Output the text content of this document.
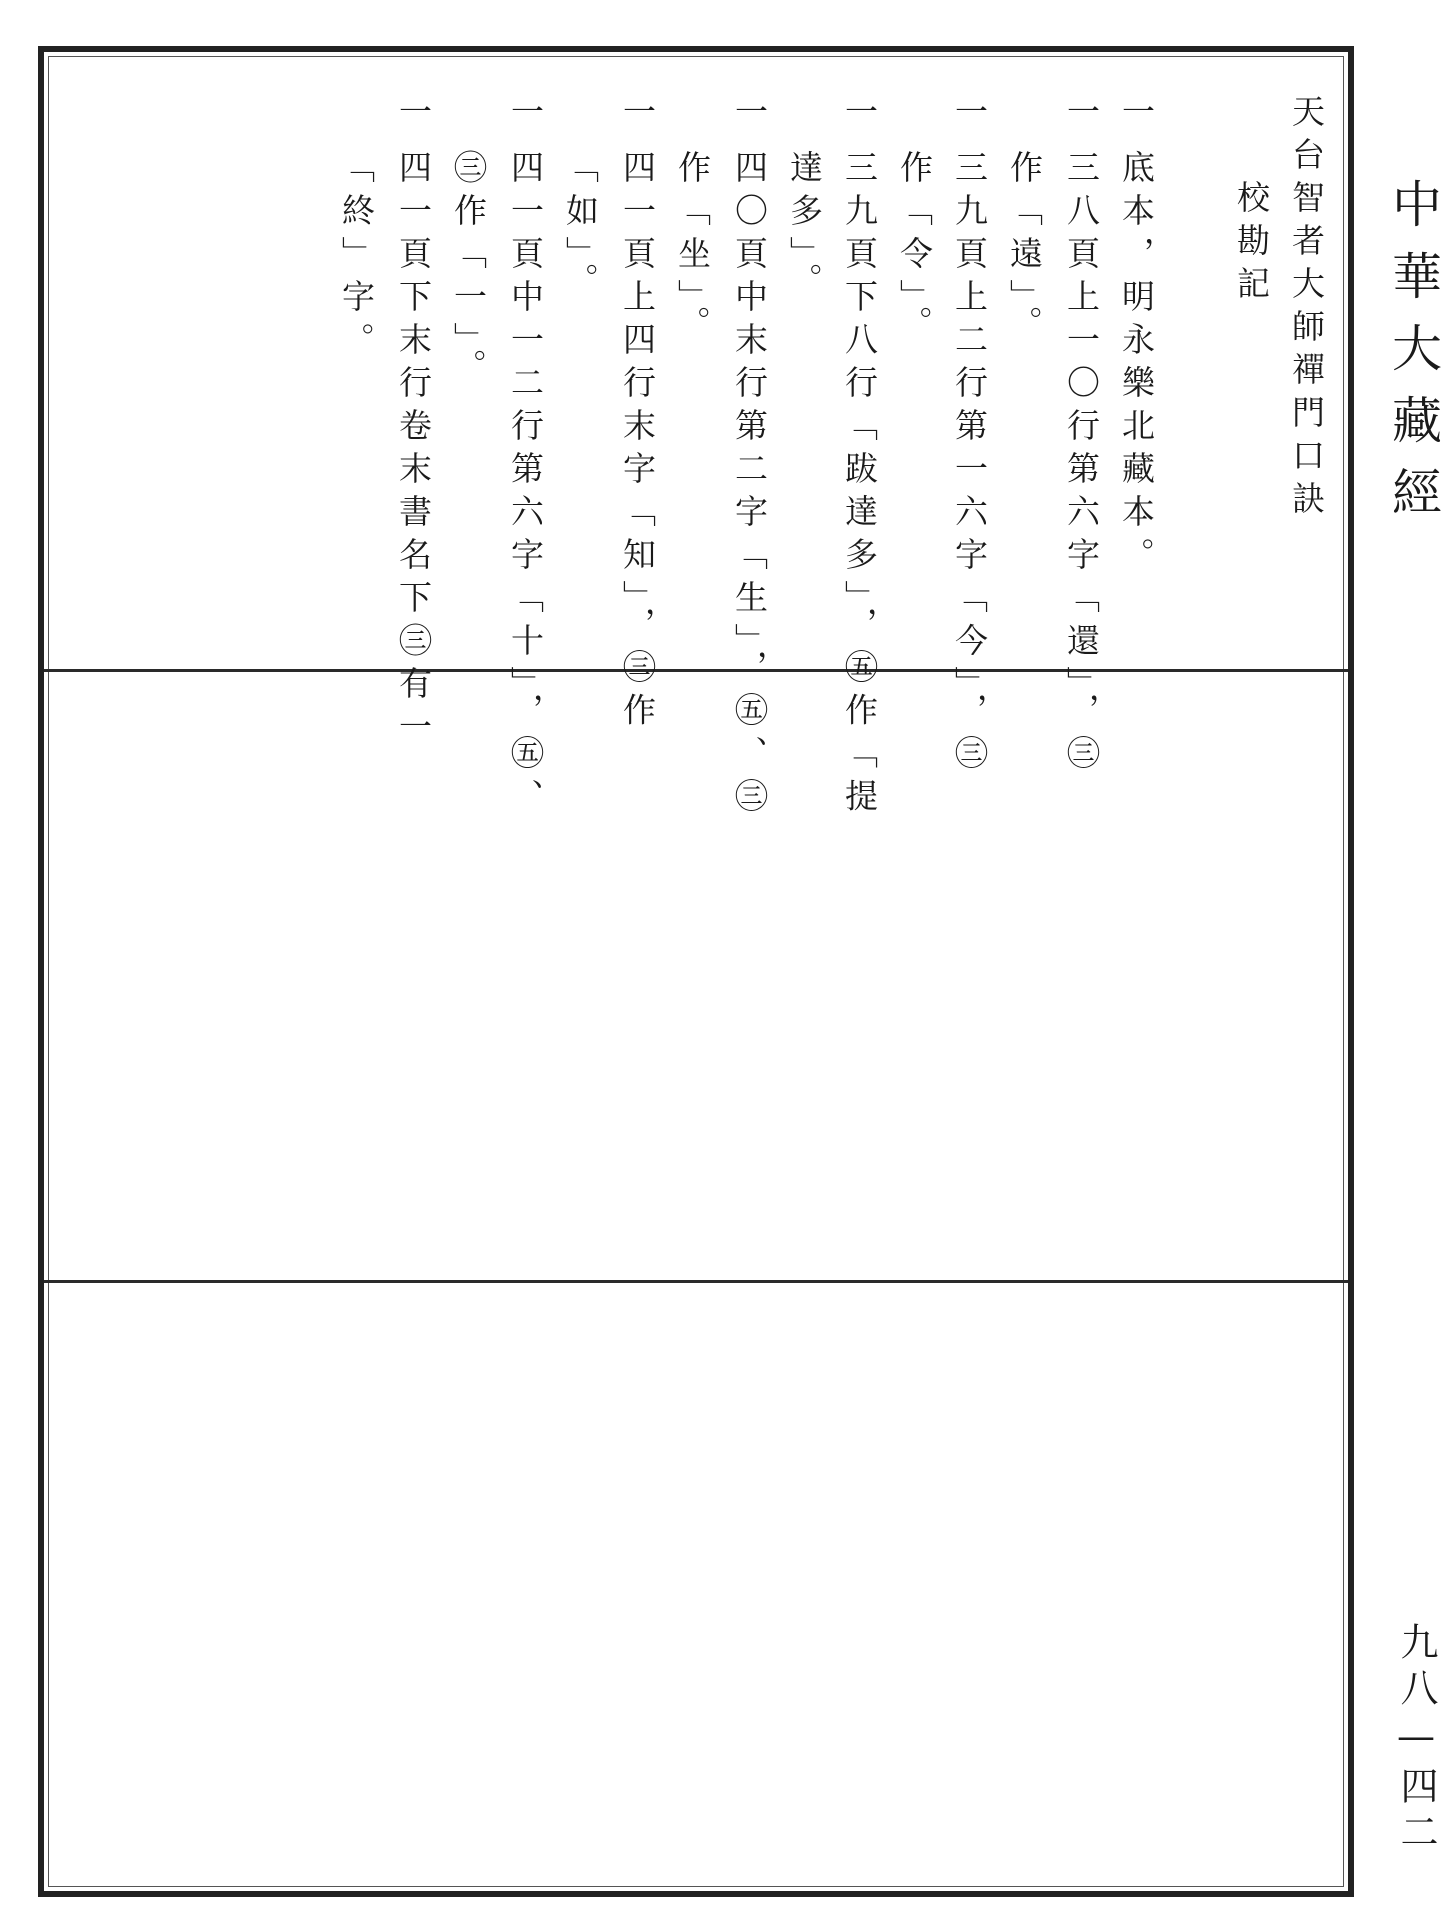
中華大藏經
九八—四二
天台智者大師禪門口訣
校勘記
一
底本，明永樂北藏本。
一
三八頁上一〇行第六字「還」，㊂
作「遠」。
一
三九頁上二行第一六字「今」，㊂
作「令」。
一
三九頁下八行「跋達多」，㊄作「提
達多」。
一
四〇頁中末行第二字「生」，㊄、㊂
作「坐」。
一
四一頁上四行末字「知」，㊂作
「如」。
一
四一頁中一二行第六字「十」，㊄、
㊂作「一」。
一
四一頁下末行卷末書名下㊂有一
「終」字。
